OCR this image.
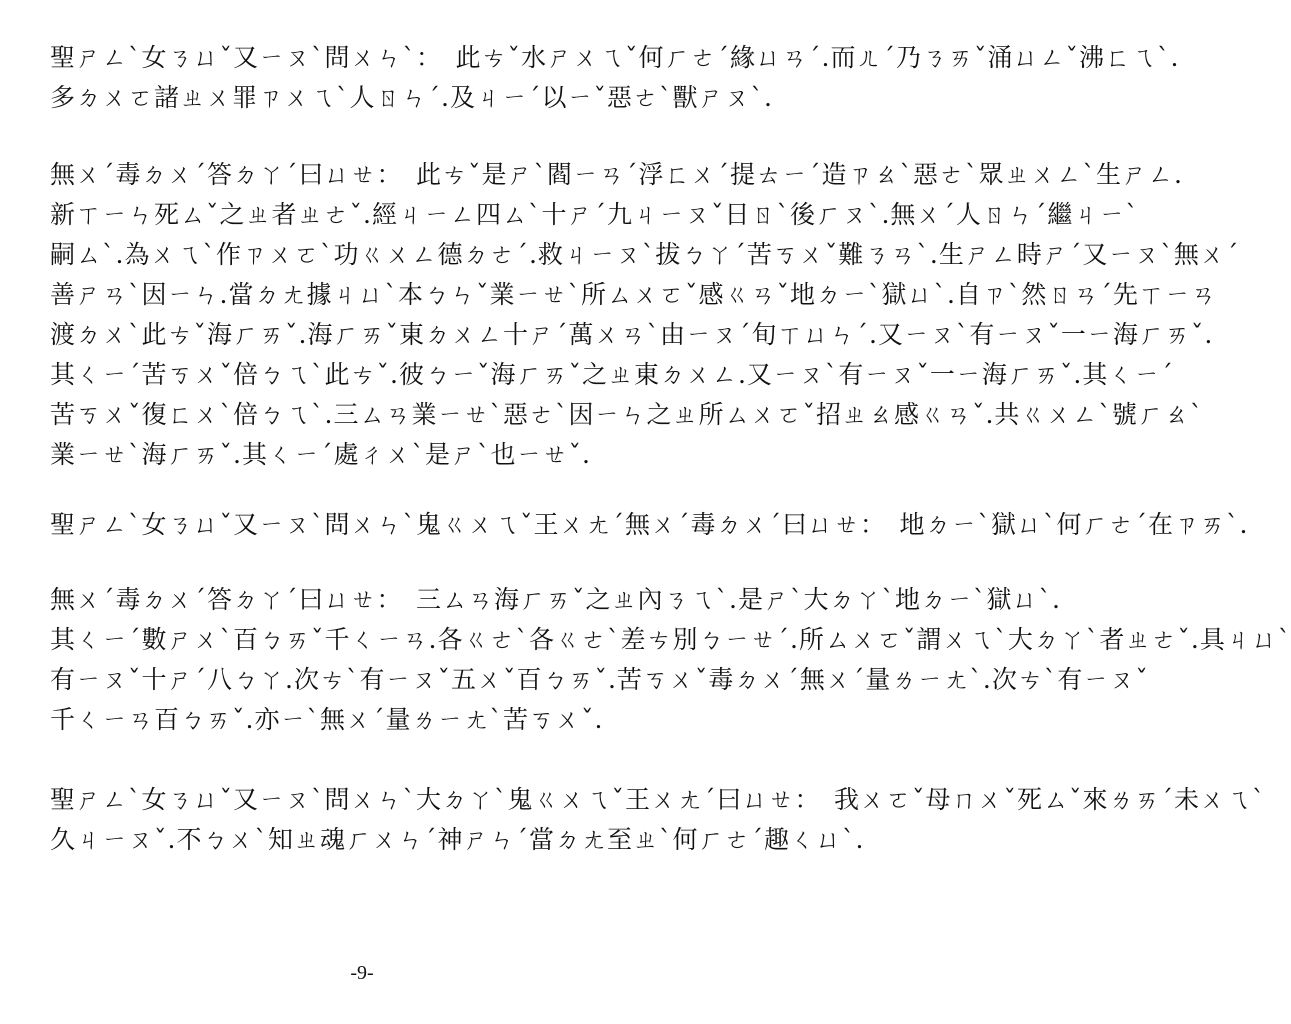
聖ㄕㄥˋ女ㄋㄩˇ又ㄧㄡˋ問ㄨㄣˋ：　此ㄘˇ水ㄕㄨㄟˇ何ㄏㄜˊ緣ㄩㄢˊ.而ㄦˊ乃ㄋㄞˇ涌ㄩㄥˇ沸ㄈㄟˋ.
多ㄉㄨㄛ諸ㄓㄨ罪ㄗㄨㄟˋ人ㄖㄣˊ.及ㄐㄧˊ以ㄧˇ惡ㄜˋ獸ㄕㄡˋ.
無ㄨˊ毒ㄉㄨˊ答ㄉㄚˊ曰ㄩㄝ：　此ㄘˇ是ㄕˋ閻ㄧㄢˊ浮ㄈㄨˊ提ㄊㄧˊ造ㄗㄠˋ惡ㄜˋ眾ㄓㄨㄥˋ生ㄕㄥ.
新ㄒㄧㄣ死ㄙˇ之ㄓ者ㄓㄜˇ.經ㄐㄧㄥ四ㄙˋ十ㄕˊ九ㄐㄧㄡˇ日ㄖˋ後ㄏㄡˋ.無ㄨˊ人ㄖㄣˊ繼ㄐㄧˋ
嗣ㄙˋ.為ㄨㄟˋ作ㄗㄨㄛˋ功ㄍㄨㄥ德ㄉㄜˊ.救ㄐㄧㄡˋ拔ㄅㄚˊ苦ㄎㄨˇ難ㄋㄢˋ.生ㄕㄥ時ㄕˊ又ㄧㄡˋ無ㄨˊ
善ㄕㄢˋ因ㄧㄣ.當ㄉㄤ據ㄐㄩˋ本ㄅㄣˇ業ㄧㄝˋ所ㄙㄨㄛˇ感ㄍㄢˇ地ㄉㄧˋ獄ㄩˋ.自ㄗˋ然ㄖㄢˊ先ㄒㄧㄢ
渡ㄉㄨˋ此ㄘˇ海ㄏㄞˇ.海ㄏㄞˇ東ㄉㄨㄥ十ㄕˊ萬ㄨㄢˋ由ㄧㄡˊ旬ㄒㄩㄣˊ.又ㄧㄡˋ有ㄧㄡˇ一ㄧ海ㄏㄞˇ.
其ㄑㄧˊ苦ㄎㄨˇ倍ㄅㄟˋ此ㄘˇ.彼ㄅㄧˇ海ㄏㄞˇ之ㄓ東ㄉㄨㄥ.又ㄧㄡˋ有ㄧㄡˇ一ㄧ海ㄏㄞˇ.其ㄑㄧˊ
苦ㄎㄨˇ復ㄈㄨˋ倍ㄅㄟˋ.三ㄙㄢ業ㄧㄝˋ惡ㄜˋ因ㄧㄣ之ㄓ所ㄙㄨㄛˇ招ㄓㄠ感ㄍㄢˇ.共ㄍㄨㄥˋ號ㄏㄠˋ
業ㄧㄝˋ海ㄏㄞˇ.其ㄑㄧˊ處ㄔㄨˋ是ㄕˋ也ㄧㄝˇ.
聖ㄕㄥˋ女ㄋㄩˇ又ㄧㄡˋ問ㄨㄣˋ鬼ㄍㄨㄟˇ王ㄨㄤˊ無ㄨˊ毒ㄉㄨˊ曰ㄩㄝ：　地ㄉㄧˋ獄ㄩˋ何ㄏㄜˊ在ㄗㄞˋ.
無ㄨˊ毒ㄉㄨˊ答ㄉㄚˊ曰ㄩㄝ：　三ㄙㄢ海ㄏㄞˇ之ㄓ內ㄋㄟˋ.是ㄕˋ大ㄉㄚˋ地ㄉㄧˋ獄ㄩˋ.
其ㄑㄧˊ數ㄕㄨˋ百ㄅㄞˇ千ㄑㄧㄢ.各ㄍㄜˋ各ㄍㄜˋ差ㄘ別ㄅㄧㄝˊ.所ㄙㄨㄛˇ謂ㄨㄟˋ大ㄉㄚˋ者ㄓㄜˇ.具ㄐㄩˋ
有ㄧㄡˇ十ㄕˊ八ㄅㄚ.次ㄘˋ有ㄧㄡˇ五ㄨˇ百ㄅㄞˇ.苦ㄎㄨˇ毒ㄉㄨˊ無ㄨˊ量ㄌㄧㄤˋ.次ㄘˋ有ㄧㄡˇ
千ㄑㄧㄢ百ㄅㄞˇ.亦ㄧˋ無ㄨˊ量ㄌㄧㄤˋ苦ㄎㄨˇ.
聖ㄕㄥˋ女ㄋㄩˇ又ㄧㄡˋ問ㄨㄣˋ大ㄉㄚˋ鬼ㄍㄨㄟˇ王ㄨㄤˊ曰ㄩㄝ：　我ㄨㄛˇ母ㄇㄨˇ死ㄙˇ來ㄌㄞˊ未ㄨㄟˋ
久ㄐㄧㄡˇ.不ㄅㄨˋ知ㄓ魂ㄏㄨㄣˊ神ㄕㄣˊ當ㄉㄤ至ㄓˋ何ㄏㄜˊ趣ㄑㄩˋ.
-9-
